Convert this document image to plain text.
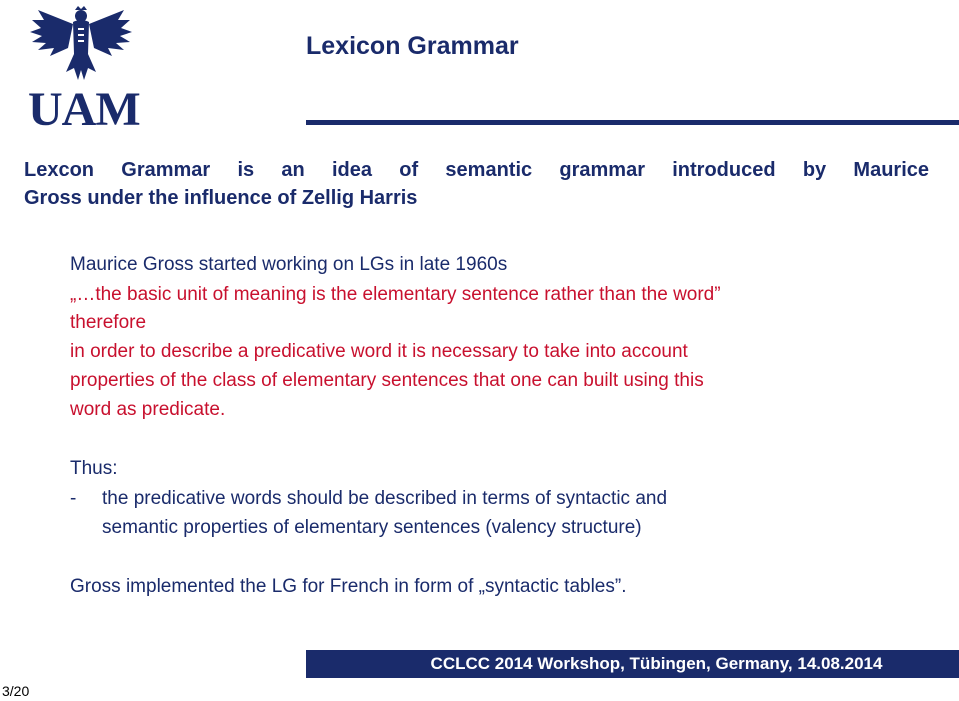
UAM
Lexicon Grammar
Lexcon Grammar is an idea of semantic grammar introduced by Maurice
Gross under the influence of Zellig Harris
Maurice Gross started working on LGs in late 1960s
„…the basic unit of meaning is the elementary sentence rather than the word”
therefore
in order to describe a predicative word it is necessary to take into account
properties of the class of elementary sentences that one can built using this
word as predicate.
Thus:
- the predicative words should be described in terms of syntactic and
semantic properties of elementary sentences (valency structure)
Gross implemented the LG for French in form of „syntactic tables”.
CCLCC 2014 Workshop, Tübingen, Germany, 14.08.2014
3/20
